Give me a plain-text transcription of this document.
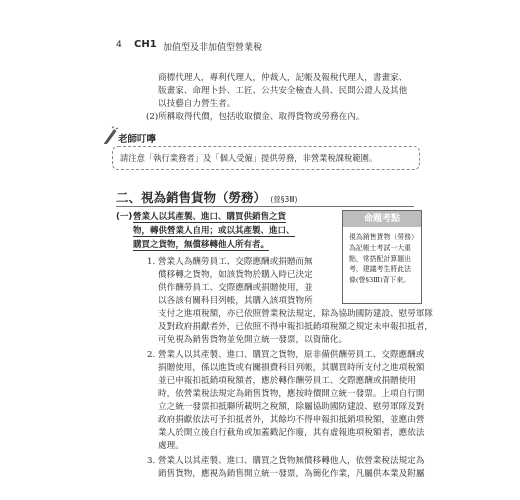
4 CH1 加值型及非加值型營業稅
商標代理人，專利代理人，仲裁人，記帳及報稅代理人，書畫家、
版畫家、命理卜卦、工匠、公共安全檢查人員、民間公證人及其他
以技藝自力營生者。
(2)所稱取得代價，包括收取價金、取得貨物或勞務在內。
老師叮嚀
請注意「執行業務者」及「個人受僱」提供勞務，非營業稅課稅範圍。
二、視為銷售貨物（勞務） (營§3Ⅲ)
(一) 營業人以其產製、進口、購買供銷售之貨
物，轉供營業人自用；或以其產製、進口、
購買之貨物，無償移轉他人所有者。
命題考點
視為銷售貨物（勞務）為記帳士考試一大重點，常搭配計算題出考，建議考生將此法條(營§3Ⅲ)背下來。
1. 營業人為酬勞員工、交際應酬或捐贈而無
償移轉之貨物，如該貨物於購入時已決定
供作酬勞員工、交際應酬或捐贈使用，並
以各該有關科目列帳，其購入該項貨物所
支付之進項稅額，亦已依照營業稅法規定，除為協助國防建設、慰勞軍隊
及對政府捐獻者外，已依照不得申報扣抵銷項稅額之規定未申報扣抵者，
可免視為銷售貨物並免開立統一發票，以資簡化。
2. 營業人以其產製、進口、購買之貨物，原非備供酬勞員工、交際應酬或
捐贈使用，係以進貨或有關損費科目列帳，其購買時所支付之進項稅額
並已申報扣抵銷項稅額者，應於轉作酬勞員工、交際應酬或捐贈使用
時，依營業稅法規定為銷售貨物，應按時價開立統一發票。上項自行開
立之統一發票扣抵聯所載明之稅額，除屬協助國防建設、慰勞軍隊及對
政府捐獻依法可予扣抵者外，其餘均不得申報扣抵銷項稅額，並應由營
業人於開立後自行截角或加蓋戳記作廢，其有虛報進項稅額者，應依法
處理。
3. 營業人以其產製、進口、購買之貨物無償移轉他人，依營業稅法規定為
銷售貨物，應視為銷售開立統一發票，為簡化作業，凡屬供本業及附屬
